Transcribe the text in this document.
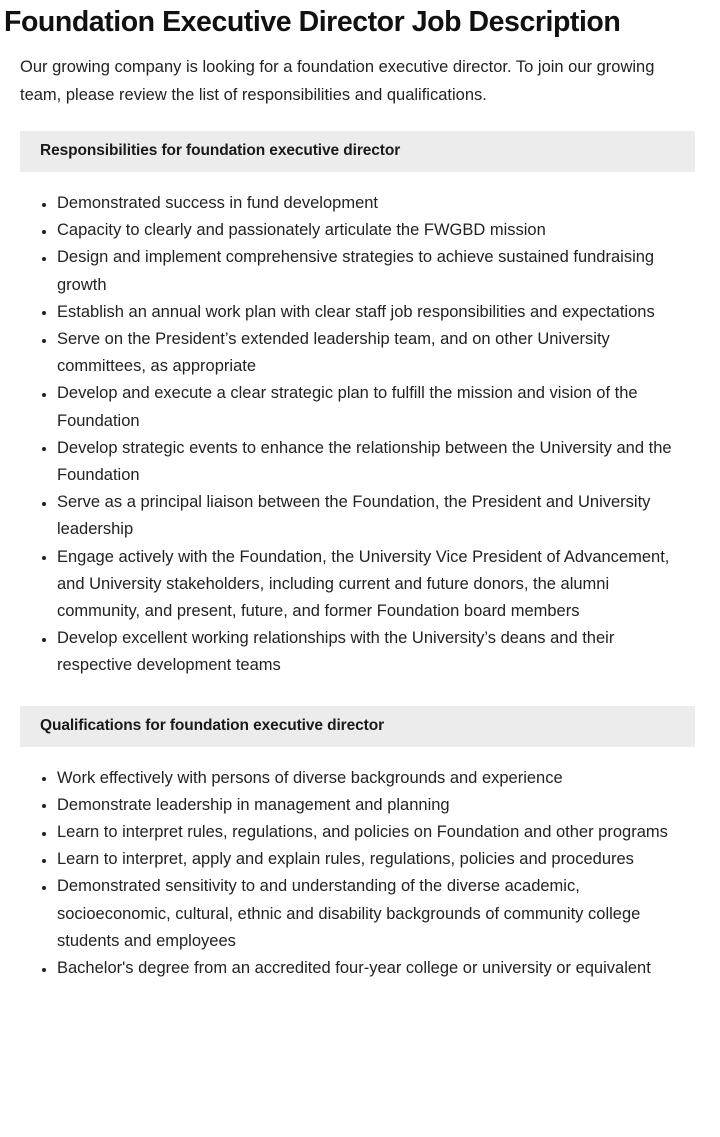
Foundation Executive Director Job Description

Our growing company is looking for a foundation executive director. To join our growing team, please review the list of responsibilities and qualifications.

Responsibilities for foundation executive director
Demonstrated success in fund development
Capacity to clearly and passionately articulate the FWGBD mission
Design and implement comprehensive strategies to achieve sustained fundraising growth
Establish an annual work plan with clear staff job responsibilities and expectations
Serve on the President’s extended leadership team, and on other University committees, as appropriate
Develop and execute a clear strategic plan to fulfill the mission and vision of the Foundation
Develop strategic events to enhance the relationship between the University and the Foundation
Serve as a principal liaison between the Foundation, the President and University leadership
Engage actively with the Foundation, the University Vice President of Advancement, and University stakeholders, including current and future donors, the alumni community, and present, future, and former Foundation board members
Develop excellent working relationships with the University’s deans and their respective development teams
Qualifications for foundation executive director
Work effectively with persons of diverse backgrounds and experience
Demonstrate leadership in management and planning
Learn to interpret rules, regulations, and policies on Foundation and other programs
Learn to interpret, apply and explain rules, regulations, policies and procedures
Demonstrated sensitivity to and understanding of the diverse academic, socioeconomic, cultural, ethnic and disability backgrounds of community college students and employees
Bachelor's degree from an accredited four-year college or university or equivalent
